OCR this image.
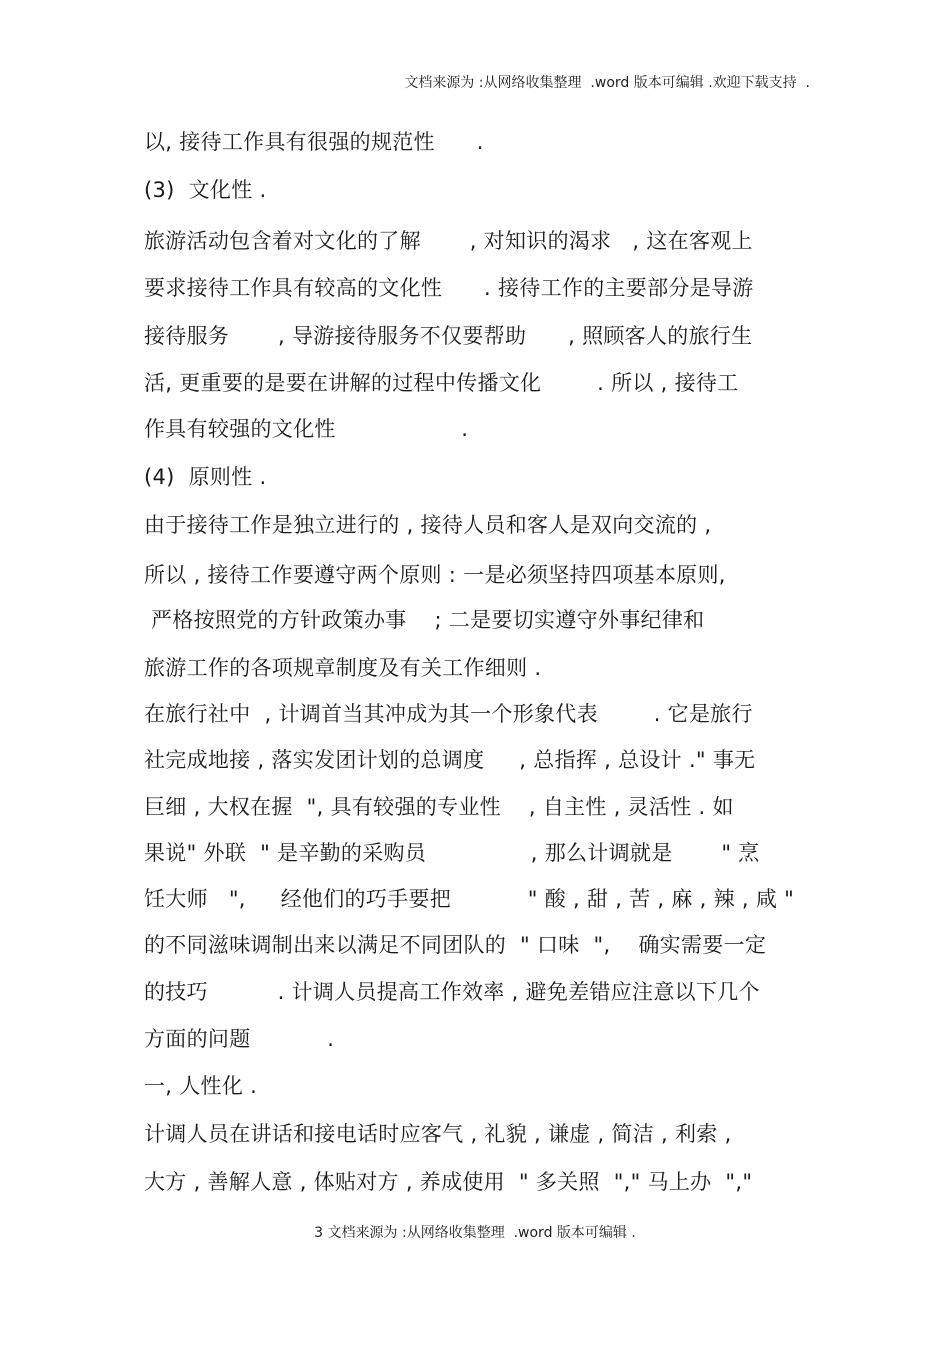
文档来源为 :从网络收集整理  .word 版本可编辑 .欢迎下载支持  .
以, 接待工作具有很强的规范性      .
(3)  文化性 .
旅游活动包含着对文化的了解       , 对知识的渴求   , 这在客观上
要求接待工作具有较高的文化性      . 接待工作的主要部分是导游
接待服务       , 导游接待服务不仅要帮助      , 照顾客人的旅行生
活, 更重要的是要在讲解的过程中传播文化        . 所以 , 接待工
作具有较强的文化性                  .
(4)  原则性 .
由于接待工作是独立进行的 , 接待人员和客人是双向交流的 ,
所以 , 接待工作要遵守两个原则 : 一是必须坚持四项基本原则,
严格按照党的方针政策办事    ; 二是要切实遵守外事纪律和
旅游工作的各项规章制度及有关工作细则 .
在旅行社中  , 计调首当其冲成为其一个形象代表        . 它是旅行
社完成地接 , 落实发团计划的总调度     , 总指挥 , 总设计 ." 事无
巨细 , 大权在握  ", 具有较强的专业性    , 自主性 , 灵活性 . 如
果说" 外联  " 是辛勤的采购员               , 那么计调就是       " 烹
饪大师   ",     经他们的巧手要把           " 酸 , 甜 , 苦 , 麻 , 辣 , 咸 "
的不同滋味调制出来以满足不同团队的  " 口味  ",    确实需要一定
的技巧          . 计调人员提高工作效率 , 避免差错应注意以下几个
方面的问题           .
一, 人性化 .
计调人员在讲话和接电话时应客气 , 礼貌 , 谦虚 , 简洁 , 利索 ,
大方 , 善解人意 , 体贴对方 , 养成使用  " 多关照  "," 马上办  ","
3 文档来源为 :从网络收集整理  .word 版本可编辑 .
